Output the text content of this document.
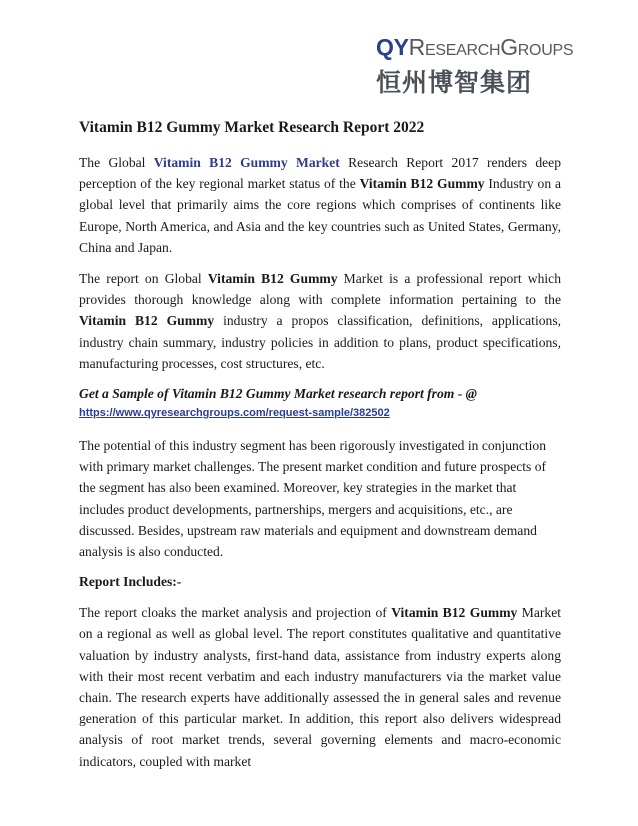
QYResearchGroups
恒州博智集团
Vitamin B12 Gummy Market Research Report 2022

The Global Vitamin B12 Gummy Market Research Report 2017 renders deep perception of the key regional market status of the Vitamin B12 Gummy Industry on a global level that primarily aims the core regions which comprises of continents like Europe, North America, and Asia and the key countries such as United States, Germany, China and Japan.

The report on Global Vitamin B12 Gummy Market is a professional report which provides thorough knowledge along with complete information pertaining to the Vitamin B12 Gummy industry a propos classification, definitions, applications, industry chain summary, industry policies in addition to plans, product specifications, manufacturing processes, cost structures, etc.

Get a Sample of Vitamin B12 Gummy Market research report from - @
https://www.qyresearchgroups.com/request-sample/382502

The potential of this industry segment has been rigorously investigated in conjunction with primary market challenges. The present market condition and future prospects of the segment has also been examined. Moreover, key strategies in the market that includes product developments, partnerships, mergers and acquisitions, etc., are discussed. Besides, upstream raw materials and equipment and downstream demand analysis is also conducted.

Report Includes:-

The report cloaks the market analysis and projection of Vitamin B12 Gummy Market on a regional as well as global level. The report constitutes qualitative and quantitative valuation by industry analysts, first-hand data, assistance from industry experts along with their most recent verbatim and each industry manufacturers via the market value chain. The research experts have additionally assessed the in general sales and revenue generation of this particular market. In addition, this report also delivers widespread analysis of root market trends, several governing elements and macro-economic indicators, coupled with market
